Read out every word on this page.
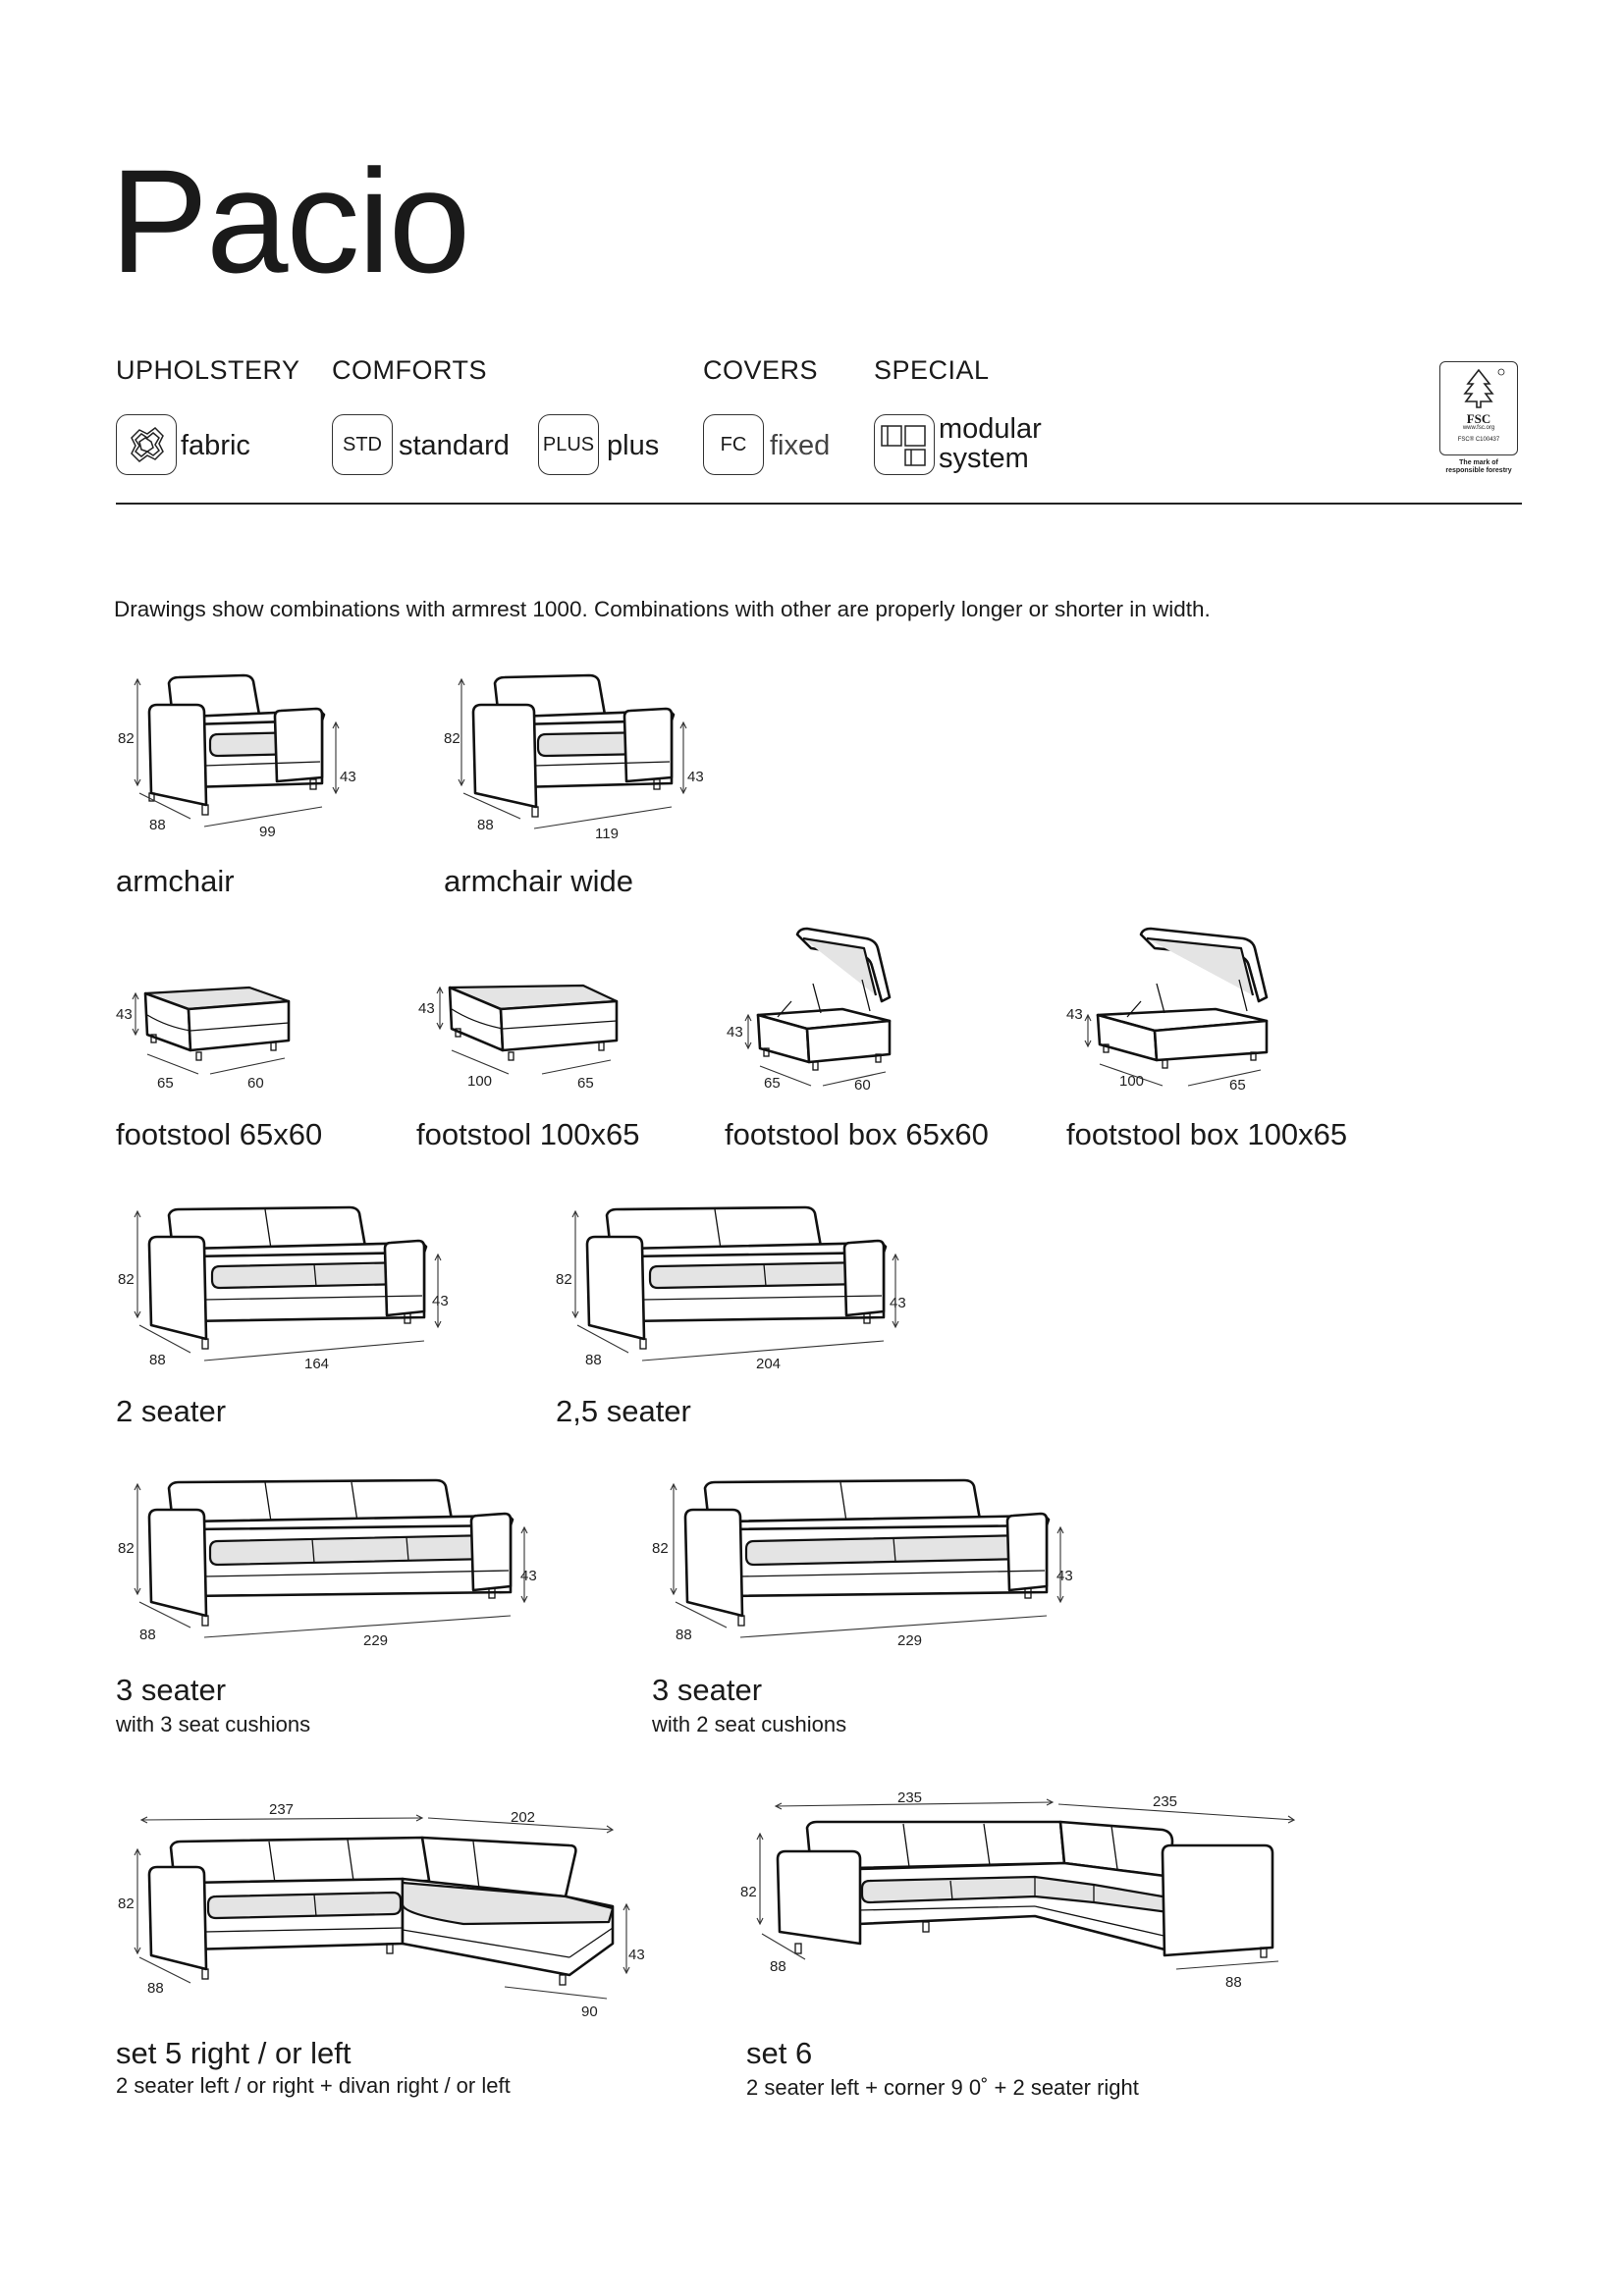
Pacio
UPHOLSTERY COMFORTS	COVERS SPECIAL
fabric	STD standard PLUS plus	FC fixed
modular
system
FSC
www.fsc.org
FSC® C100437
The mark of
responsible forestry
Drawings show combinations with armrest 1000. Combinations with other are properly longer or shorter in width.
82
43
88	99
armchair
82
43
88
119
armchair wide
43
65	60
footstool 65x60
43
100	65
footstool 100x65
43
65	60
footstool box 65x60
43
100	65
footstool box 100x65
82
43
88	164
2 seater
82
43
88	204
2,5 seater
82
43
88	229
3 seater
with 3 seat cushions
82
43
88	229
3 seater
with 2 seat cushions
237	202
82
43
88
90
set 5 right / or left
2 seater left / or right + divan right / or left
235	235
82
88
88
set 6
2 seater left + corner 9 0˚ + 2 seater right
